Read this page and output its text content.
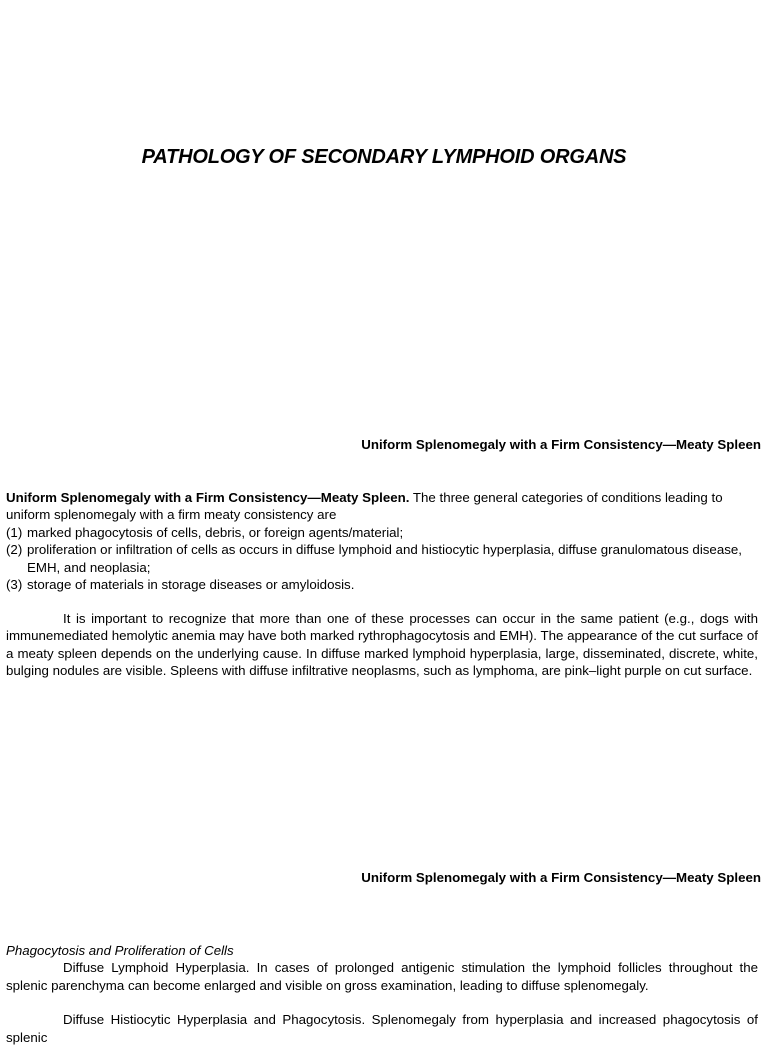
PATHOLOGY OF SECONDARY LYMPHOID ORGANS

Uniform Splenomegaly with a Firm Consistency—Meaty Spleen

Uniform Splenomegaly with a Firm Consistency—Meaty Spleen. The three general categories of conditions leading to uniform splenomegaly with a firm meaty consistency are
(1) marked phagocytosis of cells, debris, or foreign agents/material;
(2) proliferation or infiltration of cells as occurs in diffuse lymphoid and histiocytic hyperplasia, diffuse granulomatous disease, EMH, and neoplasia;
(3) storage of materials in storage diseases or amyloidosis.

It is important to recognize that more than one of these processes can occur in the same patient (e.g., dogs with immunemediated hemolytic anemia may have both marked rythrophagocytosis and EMH). The appearance of the cut surface of a meaty spleen depends on the underlying cause. In diffuse marked lymphoid hyperplasia, large, disseminated, discrete, white, bulging nodules are visible. Spleens with diffuse infiltrative neoplasms, such as lymphoma, are pink–light purple on cut surface.

Uniform Splenomegaly with a Firm Consistency—Meaty Spleen

Phagocytosis and Proliferation of Cells

Diffuse Lymphoid Hyperplasia. In cases of prolonged antigenic stimulation the lymphoid follicles throughout the splenic parenchyma can become enlarged and visible on gross examination, leading to diffuse splenomegaly.

Diffuse Histiocytic Hyperplasia and Phagocytosis. Splenomegaly from hyperplasia and increased phagocytosis of splenic
